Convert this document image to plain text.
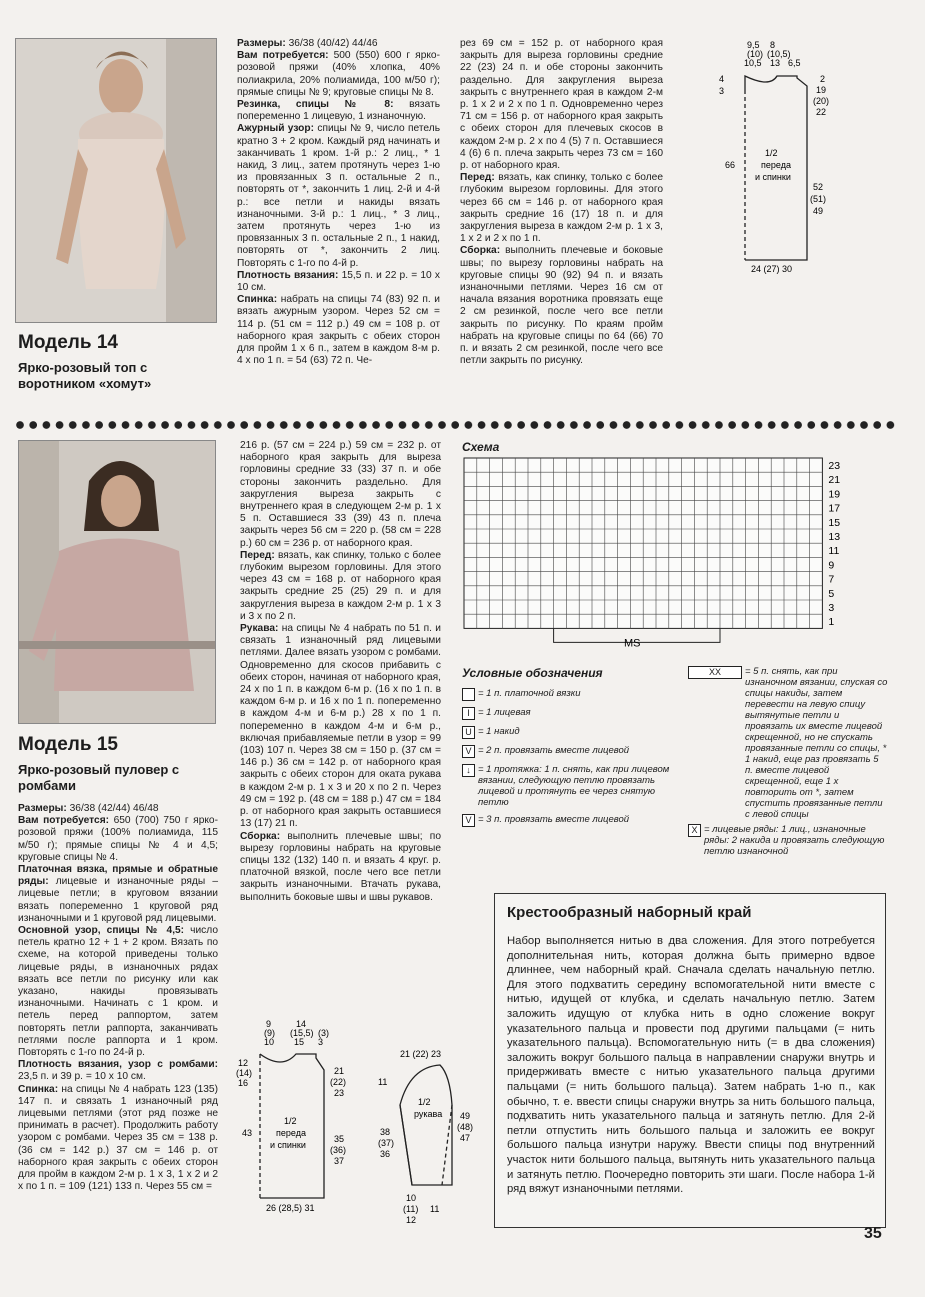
Модель 14
Ярко-розовый топ с воротником «хомут»

Размеры: 36/38 (40/42) 44/46

Вам потребуется: 500 (550) 600 г ярко-розовой пряжи (40% хлопка, 40% полиакрила, 20% полиамида, 100 м/50 г); прямые спицы № 9; круговые спицы № 8.

Резинка, спицы № 8: вязать попеременно 1 лицевую, 1 изнаночную.

Ажурный узор: спицы № 9, число петель кратно 3 + 2 кром. Каждый ряд начинать и заканчивать 1 кром. 1-й р.: 2 лиц., * 1 накид, 3 лиц., затем протянуть через 1-ю из провязанных 3 п. остальные 2 п., повторять от *, закончить 1 лиц. 2-й и 4-й р.: все петли и накиды вязать изнаночными. 3-й р.: 1 лиц., * 3 лиц., затем протянуть через 1-ю из провязанных 3 п. остальные 2 п., 1 накид, повторять от *, закончить 2 лиц. Повторять с 1-го по 4-й р.

Плотность вязания: 15,5 п. и 22 р. = 10 х 10 см.

Спинка: набрать на спицы 74 (83) 92 п. и вязать ажурным узором. Через 52 см = 114 р. (51 см = 112 р.) 49 см = 108 р. от наборного края закрыть с обеих сторон для пройм 1 х 6 п., затем в каждом 8-м р. 4 х по 1 п. = 54 (63) 72 п. Че-

рез 69 см = 152 р. от наборного края закрыть для выреза горловины средние 22 (23) 24 п. и обе стороны закончить раздельно. Для закругления выреза закрыть с внутреннего края в каждом 2-м р. 1 х 2 и 2 х по 1 п. Одновременно через 71 см = 156 р. от наборного края закрыть с обеих сторон для плечевых скосов в каждом 2-м р. 2 х по 4 (5) 7 п. Оставшиеся 4 (6) 6 п. плеча закрыть через 73 см = 160 р. от наборного края.

Перед: вязать, как спинку, только с более глубоким вырезом горловины. Для этого через 66 см = 146 р. от наборного края закрыть средние 16 (17) 18 п. и для закругления выреза в каждом 2-м р. 1 х 3, 1 х 2 и 2 х по 1 п.

Сборка: выполнить плечевые и боковые швы; по вырезу горловины набрать на круговые спицы 90 (92) 94 п. и вязать изнаночными петлями. Через 16 см от начала вязания воротника провязать еще 2 см резинкой, после чего все петли закрыть по рисунку. По краям пройм набрать на круговые спицы по 64 (66) 70 п. и вязать 2 см резинкой, после чего все петли закрыть по рисунку.

9,5 8
(10) (10,5)
10,5 13 6,5
4
3
2
19
(20)
22
66
1/2
переда
и спинки
52
(51)
49
24 (27) 30
Модель 15
Ярко-розовый пуловер с ромбами

Размеры: 36/38 (42/44) 46/48

Вам потребуется: 650 (700) 750 г ярко-розовой пряжи (100% полиамида, 115 м/50 г); прямые спицы № 4 и 4,5; круговые спицы № 4.

Платочная вязка, прямые и обратные ряды: лицевые и изнаночные ряды – лицевые петли; в круговом вязании вязать попеременно 1 круговой ряд изнаночными и 1 круговой ряд лицевыми.

Основной узор, спицы № 4,5: число петель кратно 12 + 1 + 2 кром. Вязать по схеме, на которой приведены только лицевые ряды, в изнаночных рядах вязать все петли по рисунку или как указано, накиды провязывать изнаночными. Начинать с 1 кром. и петель перед раппортом, затем повторять петли раппорта, заканчивать петлями после раппорта и 1 кром. Повторять с 1-го по 24-й р.

Плотность вязания, узор с ромбами: 23,5 п. и 39 р. = 10 х 10 см.

Спинка: на спицы № 4 набрать 123 (135) 147 п. и связать 1 изнаночный ряд лицевыми петлями (этот ряд позже не принимать в расчет). Продолжить работу узором с ромбами. Через 35 см = 138 р. (36 см = 142 р.) 37 см = 146 р. от наборного края закрыть с обеих сторон для пройм в каждом 2-м р. 1 х 3, 1 х 2 и 2 х по 1 п. = 109 (121) 133 п. Через 55 см =

216 р. (57 см = 224 р.) 59 см = 232 р. от наборного края закрыть для выреза горловины средние 33 (33) 37 п. и обе стороны закончить раздельно. Для закругления выреза закрыть с внутреннего края в следующем 2-м р. 1 х 5 п. Оставшиеся 33 (39) 43 п. плеча закрыть через 56 см = 220 р. (58 см = 228 р.) 60 см = 236 р. от наборного края.

Перед: вязать, как спинку, только с более глубоким вырезом горловины. Для этого через 43 см = 168 р. от наборного края закрыть средние 25 (25) 29 п. и для закругления выреза в каждом 2-м р. 1 х 3 и 3 х по 2 п.

Рукава: на спицы № 4 набрать по 51 п. и связать 1 изнаночный ряд лицевыми петлями. Далее вязать узором с ромбами. Одновременно для скосов прибавить с обеих сторон, начиная от наборного края, 24 х по 1 п. в каждом 6-м р. (16 х по 1 п. в каждом 6-м р. и 16 х по 1 п. попеременно в каждом 4-м и 6-м р.) 28 х по 1 п. попеременно в каждом 4-м и 6-м р., включая прибавляемые петли в узор = 99 (103) 107 п. Через 38 см = 150 р. (37 см = 146 р.) 36 см = 142 р. от наборного края закрыть с обеих сторон для оката рукава в каждом 2-м р. 1 х 3 и 20 х по 2 п. Через 49 см = 192 р. (48 см = 188 р.) 47 см = 184 р. от наборного края закрыть оставшиеся 13 (17) 21 п.

Сборка: выполнить плечевые швы; по вырезу горловины набрать на круговые спицы 132 (132) 140 п. и вязать 4 круг. р. платочной вязкой, после чего все петли закрыть изнаночными. Втачать рукава, выполнить боковые швы и швы рукавов.

Схема
23
21
19
17
15
13
11
9
7
5
3
1
MS
Условные обозначения
= 1 п. платочной вязки
I = 1 лицевая
U = 1 накид
V = 2 п. провязать вместе лицевой
↓ = 1 протяжка: 1 п. снять, как при лицевом вязании, следующую петлю провязать лицевой и протянуть ее через снятую петлю
V = 3 п. провязать вместе лицевой
XX	= 5 п. снять, как при изнаночном вязании, спуская со спицы накиды, затем перевести на левую спицу вытянутые петли и провязать их вместе лицевой скрещенной, но не спускать провязанные петли со спицы, * 1 накид, еще раз провязать 5 п. вместе лицевой скрещенной, еще 1 х повторить от *, затем спустить провязанные петли с левой спицы
X = лицевые ряды: 1 лиц., изнаночные ряды: 2 накида и провязать следующую петлю изнаночной
9	14
(9) (15,5) (3)
10 15 3
12
(14)
16
21
(22)
23
43
1/2
переда
и спинки
35
(36)
37
26 (28,5) 31
21 (22) 23
11
1/2
рукава
38
(37)
36
49
(48)
47
10
(11)
12
11
Крестообразный наборный край
Набор выполняется нитью в два сложения. Для этого потребуется дополнительная нить, которая должна быть примерно вдвое длиннее, чем наборный край. Сначала сделать начальную петлю. Для этого подхватить середину вспомогательной нити вместе с нитью, идущей от клубка, и сделать начальную петлю. Затем заложить идущую от клубка нить в одно сложение вокруг указательного пальца и провести под другими пальцами (= нить указательного пальца). Вспомогательную нить (= в два сложения) заложить вокруг большого пальца в направлении снаружи внутрь и придерживать вместе с нитью указательного пальца другими пальцами (= нить большого пальца). Затем набрать 1-ю п., как обычно, т. е. ввести спицы снаружи внутрь за нить большого пальца, подхватить нить указательного пальца и затянуть петлю. Для 2-й петли отпустить нить большого пальца и заложить ее вокруг большого пальца изнутри наружу. Ввести спицы под внутренний участок нити большого пальца, вытянуть нить указательного пальца и затянуть петлю. Поочередно повторить эти шаги. После набора 1-й ряд вяжут изнаночными петлями.
35
